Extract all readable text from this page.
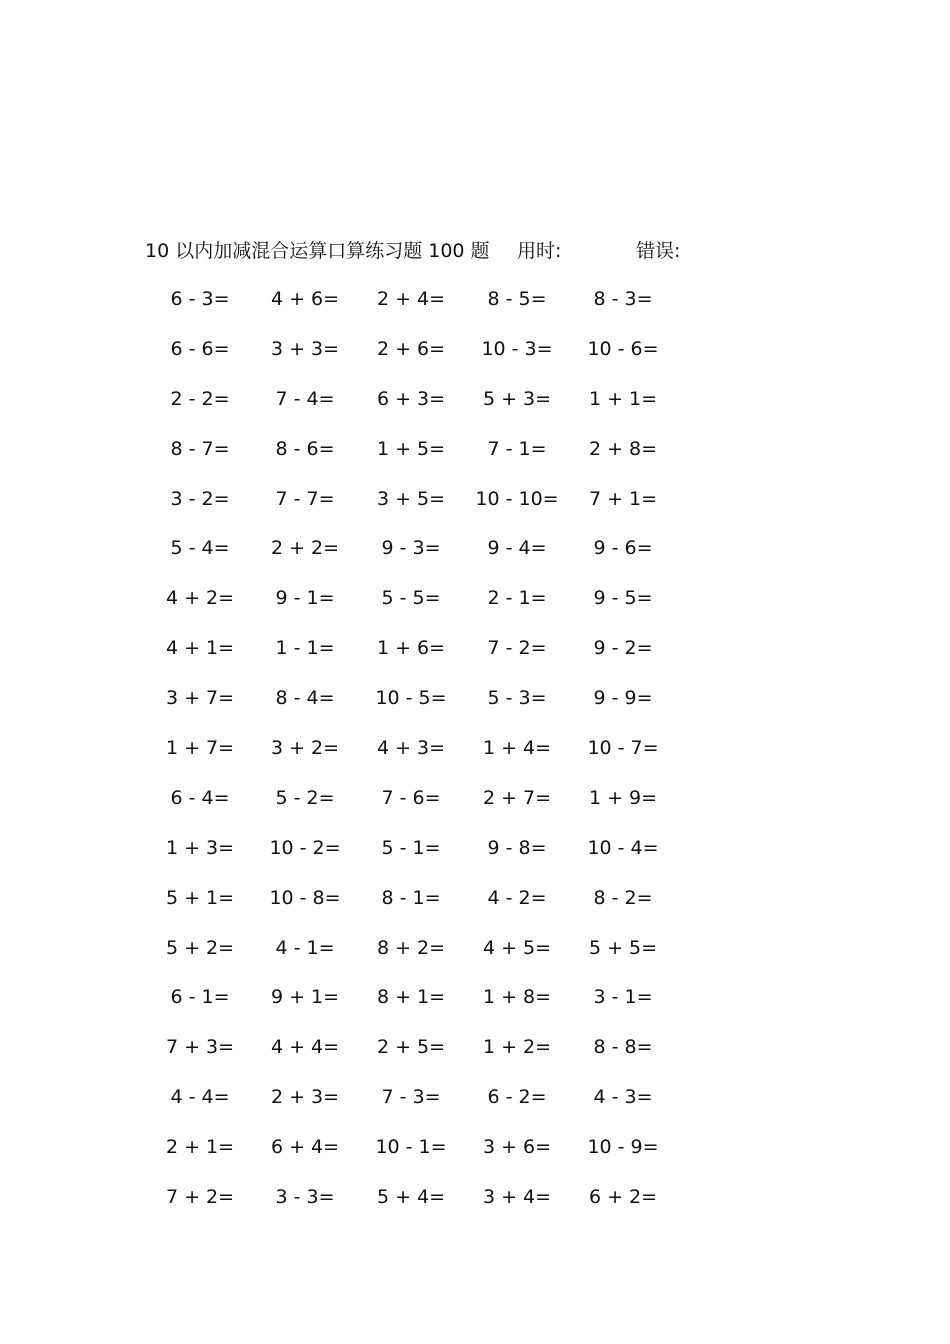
10 以内加减混合运算口算练习题 100 题 用时:	错误:
6 - 3=	4 + 6=	2 + 4=	8 - 5=	8 - 3=
6 - 6=	3 + 3=	2 + 6=	10 - 3=	10 - 6=
2 - 2=	7 - 4=	6 + 3=	5 + 3=	1 + 1=
8 - 7=	8 - 6=	1 + 5=	7 - 1=	2 + 8=
3 - 2=	7 - 7=	3 + 5=	10 - 10=	7 + 1=
5 - 4=	2 + 2=	9 - 3=	9 - 4=	9 - 6=
4 + 2=	9 - 1=	5 - 5=	2 - 1=	9 - 5=
4 + 1=	1 - 1=	1 + 6=	7 - 2=	9 - 2=
3 + 7=	8 - 4=	10 - 5=	5 - 3=	9 - 9=
1 + 7=	3 + 2=	4 + 3=	1 + 4=	10 - 7=
6 - 4=	5 - 2=	7 - 6=	2 + 7=	1 + 9=
1 + 3=	10 - 2=	5 - 1=	9 - 8=	10 - 4=
5 + 1=	10 - 8=	8 - 1=	4 - 2=	8 - 2=
5 + 2=	4 - 1=	8 + 2=	4 + 5=	5 + 5=
6 - 1=	9 + 1=	8 + 1=	1 + 8=	3 - 1=
7 + 3=	4 + 4=	2 + 5=	1 + 2=	8 - 8=
4 - 4=	2 + 3=	7 - 3=	6 - 2=	4 - 3=
2 + 1=	6 + 4=	10 - 1=	3 + 6=	10 - 9=
7 + 2=	3 - 3=	5 + 4=	3 + 4=	6 + 2=
